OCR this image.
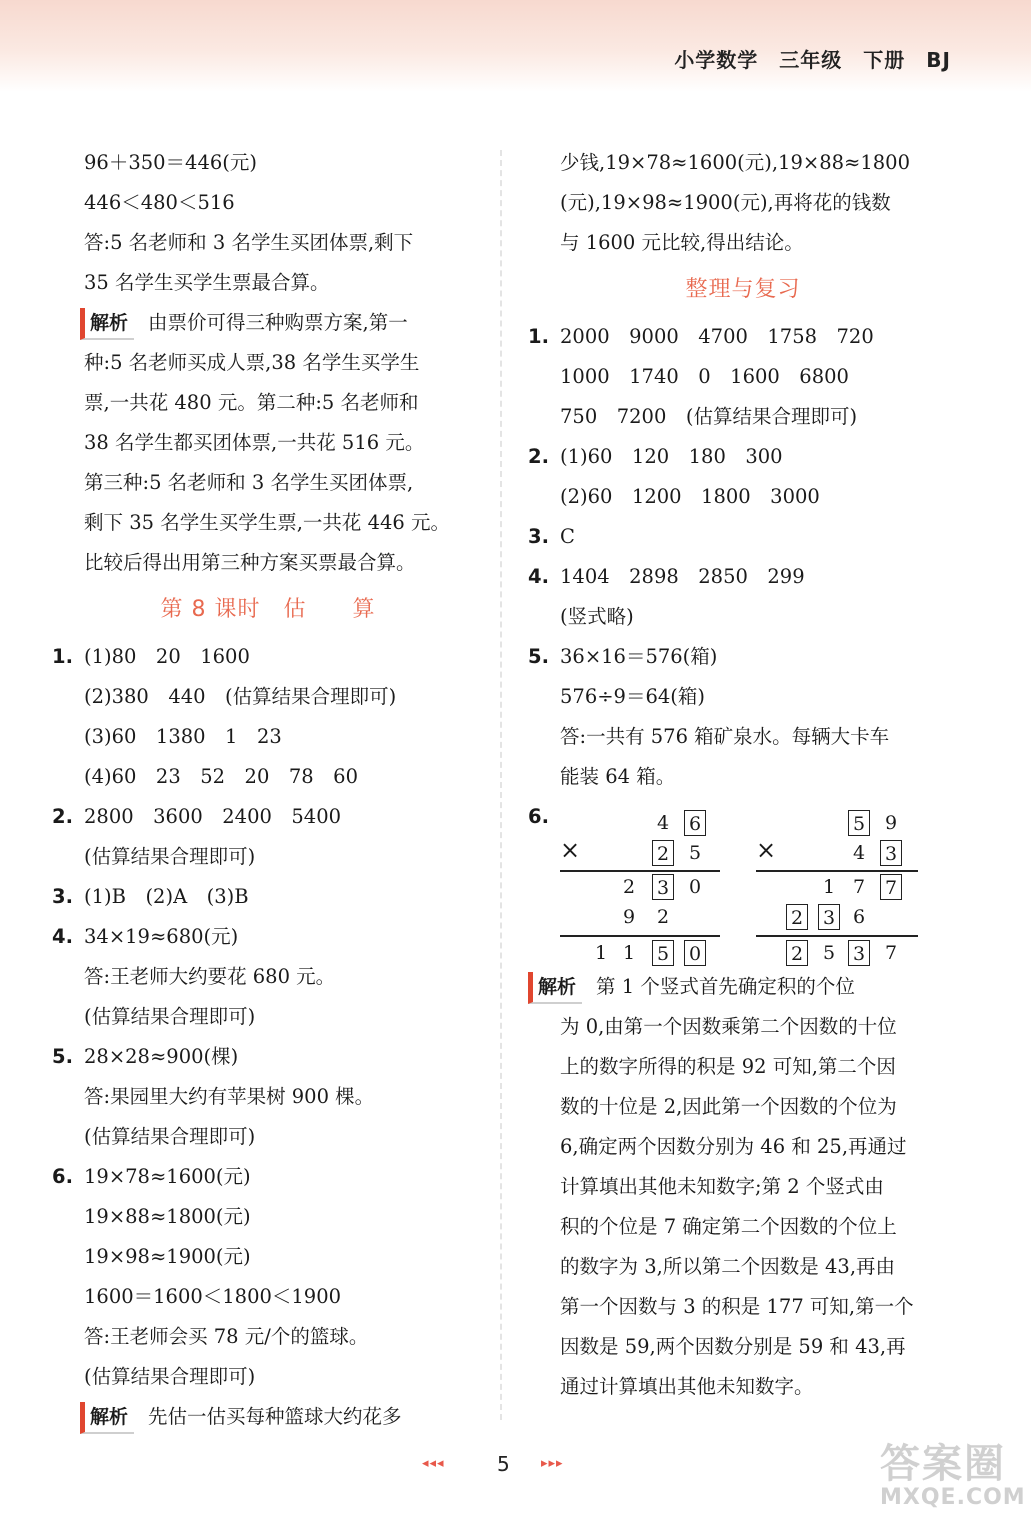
小学数学　三年级　下册　BJ
96＋350＝446(元)
446＜480＜516
答:5 名老师和 3 名学生买团体票,剩下
35 名学生买学生票最合算。
解析 由票价可得三种购票方案,第一
种:5 名老师买成人票,38 名学生买学生
票,一共花 480 元。第二种:5 名老师和
38 名学生都买团体票,一共花 516 元。
第三种:5 名老师和 3 名学生买团体票,
剩下 35 名学生买学生票,一共花 446 元。
比较后得出用第三种方案买票最合算。
第 8 课时　估　　算
1. (1)80　20　1600
(2)380　440　(估算结果合理即可)
(3)60　1380　1　23
(4)60　23　52　20　78　60
2. 2800　3600　2400　5400
(估算结果合理即可)
3. (1)B　(2)A　(3)B
4. 34×19≈680(元)
答:王老师大约要花 680 元。
(估算结果合理即可)
5. 28×28≈900(棵)
答:果园里大约有苹果树 900 棵。
(估算结果合理即可)
6. 19×78≈1600(元)
19×88≈1800(元)
19×98≈1900(元)
1600＝1600＜1800＜1900
答:王老师会买 78 元/个的篮球。
(估算结果合理即可)
解析 先估一估买每种篮球大约花多
少钱,19×78≈1600(元),19×88≈1800
(元),19×98≈1900(元),再将花的钱数
与 1600 元比较,得出结论。
整理与复习
1. 2000　9000　4700　1758　720
1000　1740　0　1600　6800
750　7200　(估算结果合理即可)
2. (1)60　120　180　300
(2)60　1200　1800　3000
3. C
4. 1404　2898　2850　299
(竖式略)
5. 36×16＝576(箱)
576÷9＝64(箱)
答:一共有 576 箱矿泉水。每辆大卡车
能装 64 箱。
6.
解析 第 1 个竖式首先确定积的个位
为 0,由第一个因数乘第二个因数的十位
上的数字所得的积是 92 可知,第二个因
数的十位是 2,因此第一个因数的个位为
6,确定两个因数分别为 46 和 25,再通过
计算填出其他未知数字;第 2 个竖式由
积的个位是 7 确定第二个因数的个位上
的数字为 3,所以第二个因数是 43,再由
第一个因数与 3 的积是 177 可知,第一个
因数是 59,两个因数分别是 59 和 43,再
通过计算填出其他未知数字。
4 6
×	2 5
2 3 0
9 2
1 1 5 0
5 9
×	4 3
1 7 7
2 3 6
2 5 3 7
◂◂◂	5 ▸▸▸	答案圈
MXQE.COM
